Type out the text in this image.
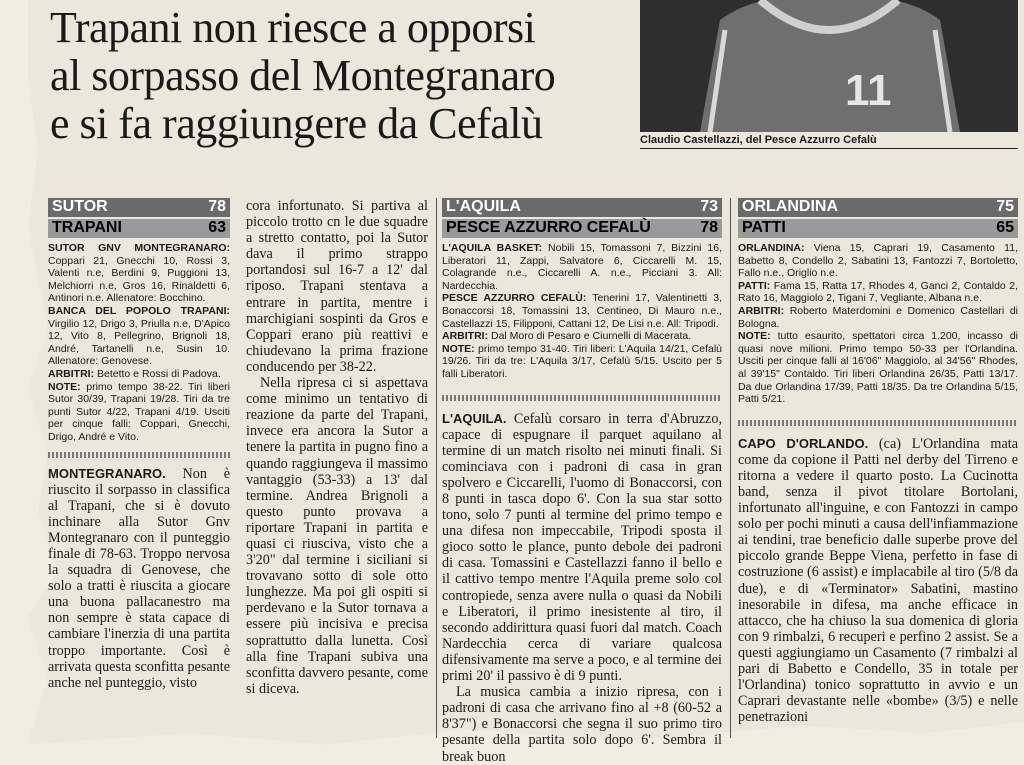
Trapani non riesce a opporsi
al sorpasso del Montegranaro
e si fa raggiungere da Cefalù
11
Claudio Castellazzi, del Pesce Azzurro Cefalù
SUTOR	78
TRAPANI	63

SUTOR GNV MONTEGRANARO: Coppari 21, Gnecchi 10, Rossi 3, Valenti n.e, Berdini 9, Puggioni 13, Melchiorri n.e, Gros 16, Rinaldetti 6, Antinori n.e. Allenatore: Bocchino.

BANCA DEL POPOLO TRAPANI: Virgilio 12, Drigo 3, Priulla n.e, D'Apico 12, Vito 8, Pellegrino, Brignoli 18, André, Tartanelli n.e, Susin 10. Allenatore: Genovese.

ARBITRI: Betetto e Rossi di Padova.

NOTE: primo tempo 38-22. Tiri liberi Sutor 30/39, Trapani 19/28. Tiri da tre punti Sutor 4/22, Trapani 4/19. Usciti per cinque falli: Coppari, Gnecchi, Drigo, André e Vito.

MONTEGRANARO. Non è riuscito il sorpasso in classifica al Trapani, che si è dovuto inchinare alla Sutor Gnv Montegranaro con il punteggio finale di 78-63. Troppo nervosa la squadra di Genovese, che solo a tratti è riuscita a giocare una buona pallacanestro ma non sempre è stata capace di cambiare l'inerzia di una partita troppo importante. Così è arrivata questa sconfitta pesante anche nel punteggio, visto

cora infortunato. Si partiva al piccolo trotto cn le due squadre a stretto contatto, poi la Sutor dava il primo strappo portandosi sul 16-7 a 12' dal riposo. Trapani stentava a entrare in partita, mentre i marchigiani sospinti da Gros e Coppari erano più reattivi e chiudevano la prima frazione conducendo per 38-22.

Nella ripresa ci si aspettava come minimo un tentativo di reazione da parte del Trapani, invece era ancora la Sutor a tenere la partita in pugno fino a quando raggiungeva il massimo vantaggio (53-33) a 13' dal termine. Andrea Brignoli a questo punto provava a riportare Trapani in partita e quasi ci riusciva, visto che a 3'20" dal termine i siciliani si trovavano sotto di sole otto lunghezze. Ma poi gli ospiti si perdevano e la Sutor tornava a essere più incisiva e precisa soprattutto dalla lunetta. Così alla fine Trapani subiva una sconfitta davvero pesante, come si diceva.

L'AQUILA	73
PESCE AZZURRO CEFALÙ	78

L'AQUILA BASKET: Nobili 15, Tomassoni 7, Bizzini 16, Liberatori 11, Zappi, Salvatore 6, Ciccarelli M. 15, Colagrande n.e., Ciccarelli A. n.e., Picciani 3. All: Nardecchia.

PESCE AZZURRO CEFALÙ: Tenerini 17, Valentinetti 3, Bonaccorsi 18, Tomassini 13, Centineo, Di Mauro n.e., Castellazzi 15, Filipponi, Cattani 12, De Lisi n.e. All: Tripodi.

ARBITRI: Dal Moro di Pesaro e Ciurnelli di Macerata.

NOTE: primo tempo 31-40. Tiri liberi: L'Aquila 14/21, Cefalù 19/26. Tiri da tre: L'Aquila 3/17, Cefalù 5/15. Uscito per 5 falli Liberatori.

L'AQUILA. Cefalù corsaro in terra d'Abruzzo, capace di espugnare il parquet aquilano al termine di un match risolto nei minuti finali. Si cominciava con i padroni di casa in gran spolvero e Ciccarelli, l'uomo di Bonaccorsi, con 8 punti in tasca dopo 6'. Con la sua star sotto tono, solo 7 punti al termine del primo tempo e una difesa non impeccabile, Tripodi sposta il gioco sotto le plance, punto debole dei padroni di casa. Tomassini e Castellazzi fanno il bello e il cattivo tempo mentre l'Aquila preme solo col contropiede, senza avere nulla o quasi da Nobili e Liberatori, il primo inesistente al tiro, il secondo addirittura quasi fuori dal match. Coach Nardecchia cerca di variare qualcosa difensivamente ma serve a poco, e al termine dei primi 20' il passivo è di 9 punti.

La musica cambia a inizio ripresa, con i padroni di casa che arrivano fino al +8 (60-52 a 8'37") e Bonaccorsi che segna il suo primo tiro pesante della partita solo dopo 6'. Sembra il break buon

ORLANDINA	75
PATTI	65

ORLANDINA: Viena 15, Caprari 19, Casamento 11, Babetto 8, Condello 2, Sabatini 13, Fantozzi 7, Bortoletto, Fallo n.e., Origlio n.e.

PATTI: Fama 15, Ratta 17, Rhodes 4, Ganci 2, Contaldo 2, Rato 16, Maggiolo 2, Tigani 7, Vegliante, Albana n.e.

ARBITRI: Roberto Materdomini e Domenico Castellari di Bologna.

NOTE: tutto esaurito, spettatori circa 1.200, incasso di quasi nove milioni. Primo tempo 50-33 per l'Orlandina. Usciti per cinque falli al 16'06" Maggiolo, al 34'56" Rhodes, al 39'15" Contaldo. Tiri liberi Orlandina 26/35, Patti 13/17. Da due Orlandina 17/39, Patti 18/35. Da tre Orlandina 5/15, Patti 5/21.

CAPO D'ORLANDO. (ca) L'Orlandina mata come da copione il Patti nel derby del Tirreno e ritorna a vedere il quarto posto. La Cucinotta band, senza il pivot titolare Bortolani, infortunato all'inguine, e con Fantozzi in campo solo per pochi minuti a causa dell'infiammazione ai tendini, trae beneficio dalle superbe prove del piccolo grande Beppe Viena, perfetto in fase di costruzione (6 assist) e implacabile al tiro (5/8 da due), e di «Terminator» Sabatini, mastino inesorabile in difesa, ma anche efficace in attacco, che ha chiuso la sua domenica di gloria con 9 rimbalzi, 6 recuperi e perfino 2 assist. Se a questi aggiungiamo un Casamento (7 rimbalzi al pari di Babetto e Condello, 35 in totale per l'Orlandina) tonico soprattutto in avvio e un Caprari devastante nelle «bombe» (3/5) e nelle penetrazioni
